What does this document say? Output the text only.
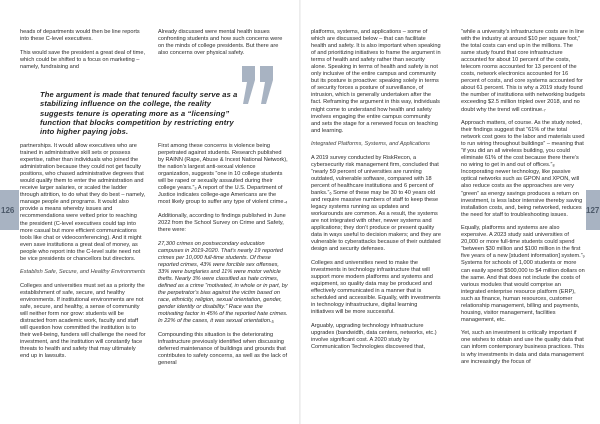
heads of departments would then be line reports into these C-level executives.

This would save the president a great deal of time, which could be shifted to a focus on marketing – namely, fundraising and

Already discussed were mental health issues confronting students and how such concerns were on the minds of college presidents. But there are also concerns over physical safety.

The argument is made that tenured faculty serve as a stabilizing influence on the college, the reality suggests tenure is operating more as a “licensing” function that blocks competition by restricting entry into higher paying jobs.

partnerships. It would allow executives who are trained in administrative skill sets or possess expertise, rather than individuals who joined the administration because they could not get faculty positions, who chased administrative degrees that would qualify them to enter the administration and receive larger salaries, or scaled the ladder through attrition, to do what they do best – namely, manage people and programs. It would also provide a means whereby issues and recommendations were vetted prior to reaching the president (C-level executives could tap into more casual but more efficient communications tools like chat or videoconferencing). And it might even save institutions a great deal of money, as people who report into the C-level suite need not be vice presidents or chancellors but directors.

Establish Safe, Secure, and Healthy Environments

Colleges and universities must set as a priority the establishment of safe, secure, and healthy environments. If institutional environments are not safe, secure, and healthy, a sense of community will neither form nor grow: students will be distracted from academic work, faculty and staff will question how committed the institution is to their well-being, funders will challenge the need for investment, and the institution will constantly face threats to health and safety that may ultimately end up in lawsuits.

First among these concerns is violence being perpetrated against students. Research published by RAINN (Rape, Abuse & Incest National Network), the nation’s largest anti-sexual violence organization, suggests “one in 10 college students will be raped or sexually assaulted during their college years.”₃ A report of the U.S. Department of Justice indicates college-age Americans are the most likely group to suffer any type of violent crime.₄

Additionally, according to findings published in June 2022 from the School Survey on Crime and Safety, there were:

27,300 crimes on postsecondary education campuses in 2019-2020. That’s nearly 19 reported crimes per 10,000 full-time students. Of these reported crimes, 43% were forcible sex offenses, 33% were burglaries and 11% were motor vehicle thefts. Nearly 3% were classified as hate crimes, defined as a crime “motivated, in whole or in part, by the perpetrator’s bias against the victim based on race, ethnicity, religion, sexual orientation, gender, gender identity or disability.” Race was the motivating factor in 45% of the reported hate crimes. In 22% of the cases, it was sexual orientation.₅

Compounding this situation is the deteriorating infrastructure previously identified when discussing deferred maintenance of buildings and grounds that contributes to safety concerns, as well as the lack of general

126

platforms, systems, and applications – some of which are discussed below – that can facilitate health and safety. It is also important when speaking of and prioritizing initiatives to frame the argument in terms of health and safety rather than security alone. Speaking in terms of health and safety is not only inclusive of the entire campus and community but its posture is proactive: speaking solely in terms of security forces a posture of surveillance, of intrusion, which is generally undertaken after the fact. Reframing the argument in this way, individuals might come to understand how health and safety involves engaging the entire campus community and sets the stage for a renewed focus on teaching and learning.

Integrated Platforms, Systems, and Applications

A 2019 survey conducted by RiskRecon, a cybersecurity risk management firm, concluded that “nearly 59 percent of universities are running outdated, vulnerable software, compared with 18 percent of healthcare institutions and 6 percent of banks.”₆ Some of these may be 30 to 40 years old and require massive numbers of staff to keep these legacy systems running as updates and workarounds are common. As a result, the systems are not integrated with other, newer systems and applications; they don’t produce or present quality data in ways useful to decision makers; and they are vulnerable to cyberattacks because of their outdated design and security defenses.

Colleges and universities need to make the investments in technology infrastructure that will support more modern platforms and systems and equipment, so quality data may be produced and effectively communicated in a manner that is scheduled and accessible. Equally, with investments in technology infrastructure, digital learning initiatives will be more successful.

Arguably, upgrading technology infrastructure upgrades (bandwidth, data centers, networks, etc.) involve significant cost. A 2020 study by Communication Technologies discovered that,

“while a university’s infrastructure costs are in line with the industry at around $10 per square foot,” the total costs can end up in the millions. The same study found that core infrastructure accounted for about 10 percent of the costs, telecom rooms accounted for 13 percent of the costs, network electronics accounted for 16 percent of costs, and core systems accounted for about 61 percent. This is why a 2019 study found the number of institutions with networking budgets exceeding $2.5 million tripled over 2018, and no doubt why the trend will continue.₇

Approach matters, of course. As the study noted, their findings suggest that “61% of the total network cost goes to the labor and materials used to run wiring throughout buildings” – meaning that “if you did an all wireless building, you could eliminate 61% of the cost because there there’s no wiring to get in and out of offices.”₈ Incorporating newer technology, like passive optical networks such as GPON and XPON, will also reduce costs as the approaches are very “green” as energy savings produces a return on investment, is less labor intensive thereby saving installation costs, and, being networked, reduces the need for staff to troubleshooting issues.

Equally, platforms and systems are also expensive. A 2023 study said universities of 20,000 or more full-time students could spend “between $30 million and $100 million in the first five years of a new [student information] system.”₉ Systems for schools of 1,000 students or more can easily spend $500,000 to $4 million dollars on the same. And that does not include the costs of various modules that would comprise an integrated enterprise resource platform (ERP), such as finance, human resources, customer relationship management, billing and payments, housing, visitor management, facilities management, etc.

Yet, such an investment is critically important if one wishes to obtain and use the quality data that can inform contemporary business practices. This is why investments in data and data management are increasingly the focus of

127
